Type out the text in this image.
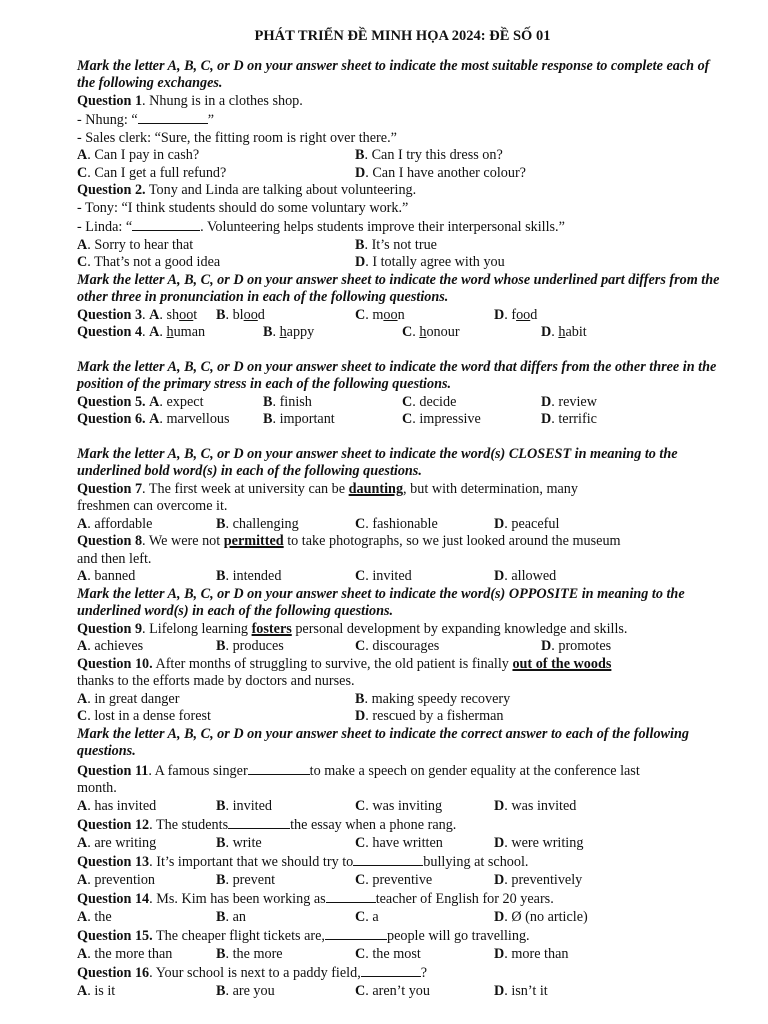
PHÁT TRIỂN ĐỀ MINH HỌA 2024: ĐỀ SỐ 01
Mark the letter A, B, C, or D on your answer sheet to indicate the most suitable response to complete each of the following exchanges.
Question 1. Nhung is in a clothes shop.
- Nhung: “	”
- Sales clerk: “Sure, the fitting room is right over there.”
A. Can I pay in cash?	B. Can I try this dress on?
C. Can I get a full refund?	D. Can I have another colour?
Question 2. Tony and Linda are talking about volunteering.
- Tony: “I think students should do some voluntary work.”
- Linda: “	. Volunteering helps students improve their interpersonal skills.”
A. Sorry to hear that	B. It’s not true
C. That’s not a good idea	D. I totally agree with you
Mark the letter A, B, C, or D on your answer sheet to indicate the word whose underlined part differs from the other three in pronunciation in each of the following questions.
Question 3. A. shoot	B. blood	C. moon	D. food
Question 4. A. human	B. happy	C. honour	D. habit
Mark the letter A, B, C, or D on your answer sheet to indicate the word that differs from the other three in the position of the primary stress in each of the following questions.
Question 5. A. expect	B. finish	C. decide	D. review
Question 6. A. marvellous	B. important	C. impressive	D. terrific
Mark the letter A, B, C, or D on your answer sheet to indicate the word(s) CLOSEST in meaning to the underlined bold word(s) in each of the following questions.
Question 7. The first week at university can be daunting, but with determination, many
freshmen can overcome it.
A. affordable	B. challenging	C. fashionable	D. peaceful
Question 8. We were not permitted to take photographs, so we just looked around the museum
and then left.
A. banned	B. intended	C. invited	D. allowed
Mark the letter A, B, C, or D on your answer sheet to indicate the word(s) OPPOSITE in meaning to the underlined word(s) in each of the following questions.
Question 9. Lifelong learning fosters personal development by expanding knowledge and skills.
A. achieves	B. produces	C. discourages	D. promotes
Question 10. After months of struggling to survive, the old patient is finally out of the woods
thanks to the efforts made by doctors and nurses.
A. in great danger	B. making speedy recovery
C. lost in a dense forest	D. rescued by a fisherman
Mark the letter A, B, C, or D on your answer sheet to indicate the correct answer to each of the following questions.
Question 11. A famous singer	to make a speech on gender equality at the conference last
month.
A. has invited	B. invited	C. was inviting	D. was invited
Question 12. The students	the essay when a phone rang.
A. are writing	B. write	C. have written	D. were writing
Question 13. It’s important that we should try to	bullying at school.
A. prevention	B. prevent	C. preventive	D. preventively
Question 14. Ms. Kim has been working as	teacher of English for 20 years.
A. the	B. an	C. a	D. Ø (no article)
Question 15. The cheaper flight tickets are,	people will go travelling.
A. the more than	B. the more	C. the most	D. more than
Question 16. Your school is next to a paddy field,	?
A. is it	B. are you	C. aren’t you	D. isn’t it
